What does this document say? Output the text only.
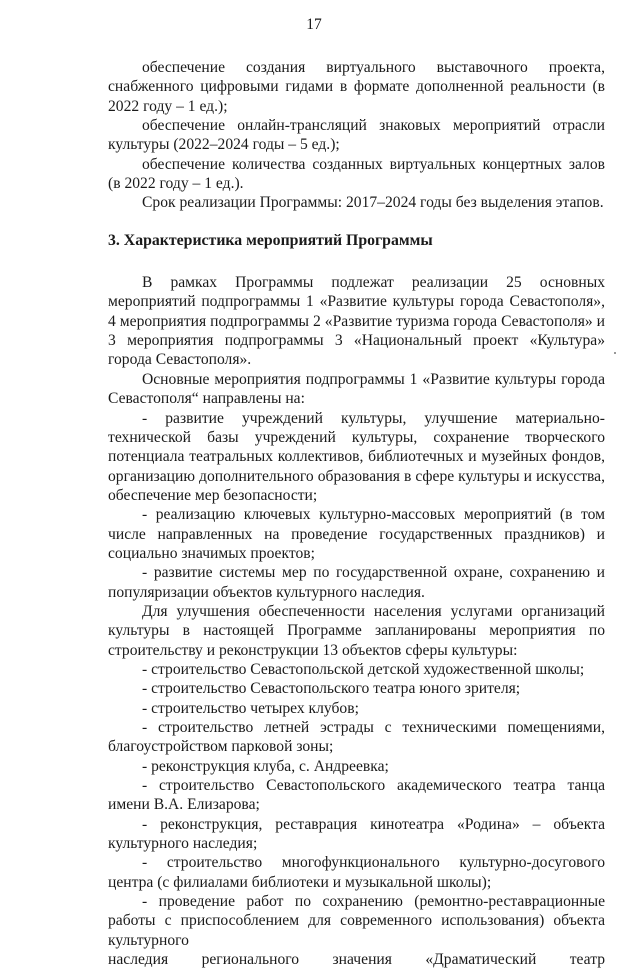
17

обеспечение создания виртуального выставочного проекта, снабженного цифровыми гидами в формате дополненной реальности (в 2022 году – 1 ед.);

обеспечение онлайн-трансляций знаковых мероприятий отрасли культуры (2022–2024 годы – 5 ед.);

обеспечение количества созданных виртуальных концертных залов (в 2022 году – 1 ед.).

Срок реализации Программы: 2017–2024 годы без выделения этапов.

3. Характеристика мероприятий Программы

В рамках Программы подлежат реализации 25 основных мероприятий подпрограммы 1 «Развитие культуры города Севастополя», 4 мероприятия подпрограммы 2 «Развитие туризма города Севастополя» и 3 мероприятия подпрограммы 3 «Национальный проект «Культура» города Севастополя».

Основные мероприятия подпрограммы 1 «Развитие культуры города Севастополя“ направлены на:

- развитие учреждений культуры, улучшение материально-технической базы учреждений культуры, сохранение творческого потенциала театральных коллективов, библиотечных и музейных фондов, организацию дополнительного образования в сфере культуры и искусства, обеспечение мер безопасности;

- реализацию ключевых культурно-массовых мероприятий (в том числе направленных на проведение государственных праздников) и социально значимых проектов;

- развитие системы мер по государственной охране, сохранению и популяризации объектов культурного наследия.

Для улучшения обеспеченности населения услугами организаций культуры в настоящей Программе запланированы мероприятия по строительству и реконструкции 13 объектов сферы культуры:

- строительство Севастопольской детской художественной школы;

- строительство Севастопольского театра юного зрителя;

- строительство четырех клубов;

- строительство летней эстрады с техническими помещениями, благоустройством парковой зоны;

- реконструкция клуба, с. Андреевка;

- строительство Севастопольского академического театра танца имени В.А. Елизарова;

- реконструкция, реставрация кинотеатра «Родина» – объекта культурного наследия;

- строительство многофункционального культурно-досугового центра (с филиалами библиотеки и музыкальной школы);

- проведение работ по сохранению (ремонтно-реставрационные работы с приспособлением для современного использования) объекта культурного

наследия регионального значения «Драматический театр
